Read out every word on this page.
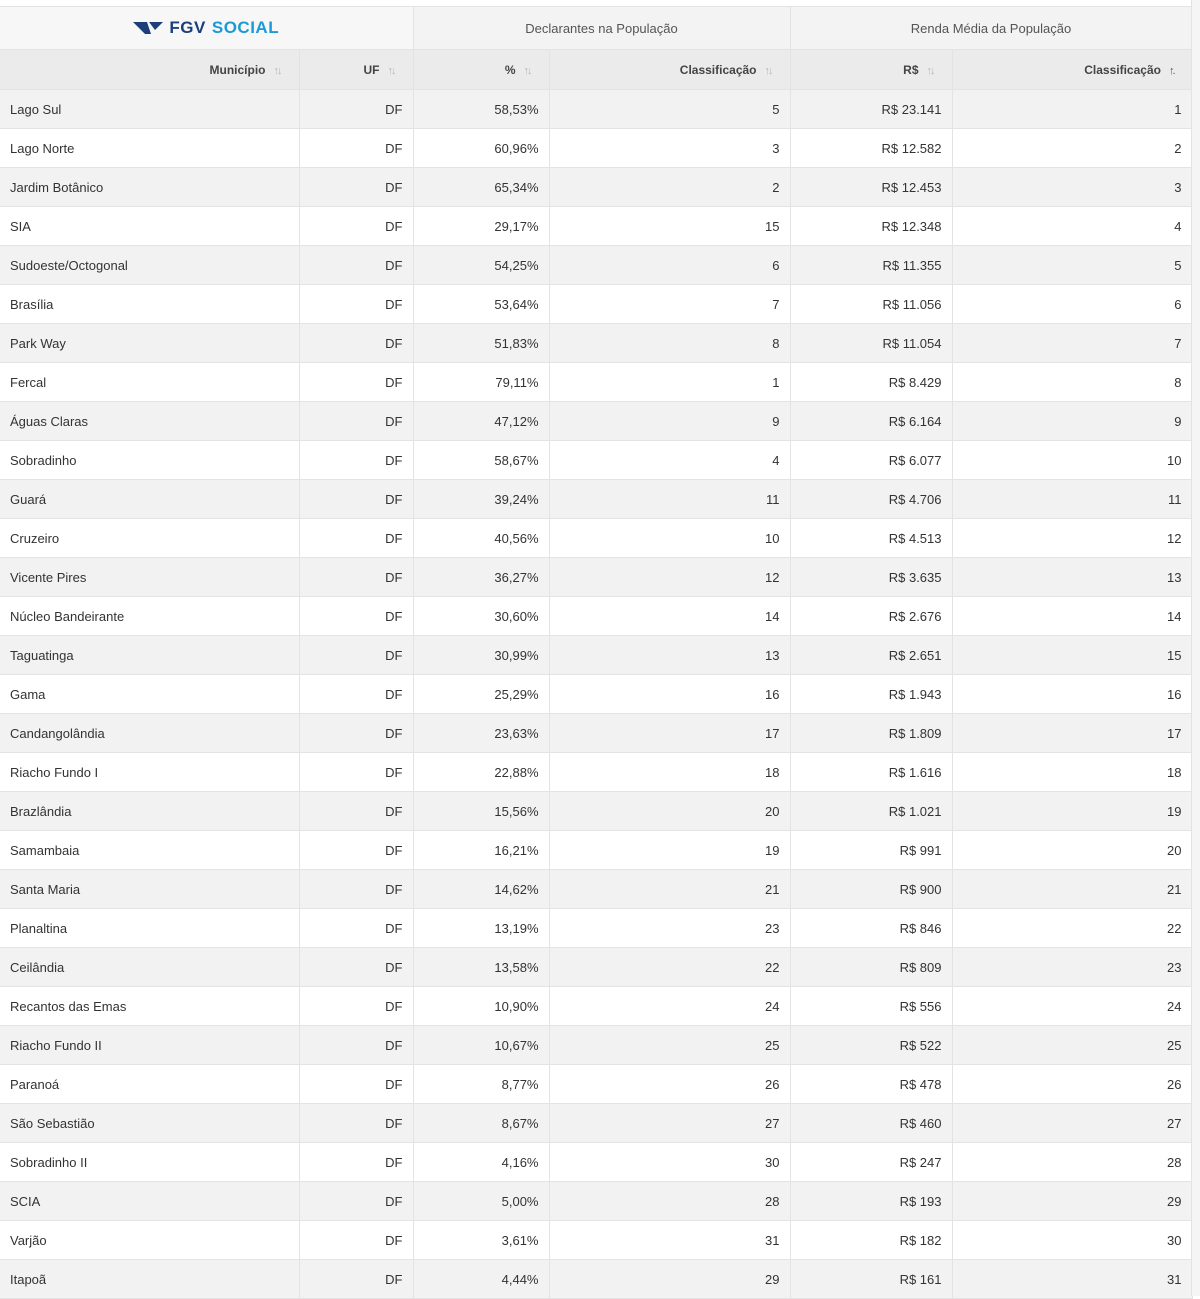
FGV SOCIAL		Declarantes na População		Renda Média da População	
Município ↑↓	UF ↑↓	% ↑↓	Classificação ↑↓	R$ ↑↓	Classificação ↑.
Lago Sul	DF	58,53%	5	R$ 23.141	1
Lago Norte	DF	60,96%	3	R$ 12.582	2
Jardim Botânico	DF	65,34%	2	R$ 12.453	3
SIA	DF	29,17%	15	R$ 12.348	4
Sudoeste/Octogonal	DF	54,25%	6	R$ 11.355	5
Brasília	DF	53,64%	7	R$ 11.056	6
Park Way	DF	51,83%	8	R$ 11.054	7
Fercal	DF	79,11%	1	R$ 8.429	8
Águas Claras	DF	47,12%	9	R$ 6.164	9
Sobradinho	DF	58,67%	4	R$ 6.077	10
Guará	DF	39,24%	11	R$ 4.706	11
Cruzeiro	DF	40,56%	10	R$ 4.513	12
Vicente Pires	DF	36,27%	12	R$ 3.635	13
Núcleo Bandeirante	DF	30,60%	14	R$ 2.676	14
Taguatinga	DF	30,99%	13	R$ 2.651	15
Gama	DF	25,29%	16	R$ 1.943	16
Candangolândia	DF	23,63%	17	R$ 1.809	17
Riacho Fundo I	DF	22,88%	18	R$ 1.616	18
Brazlândia	DF	15,56%	20	R$ 1.021	19
Samambaia	DF	16,21%	19	R$ 991	20
Santa Maria	DF	14,62%	21	R$ 900	21
Planaltina	DF	13,19%	23	R$ 846	22
Ceilândia	DF	13,58%	22	R$ 809	23
Recantos das Emas	DF	10,90%	24	R$ 556	24
Riacho Fundo II	DF	10,67%	25	R$ 522	25
Paranoá	DF	8,77%	26	R$ 478	26
São Sebastião	DF	8,67%	27	R$ 460	27
Sobradinho II	DF	4,16%	30	R$ 247	28
SCIA	DF	5,00%	28	R$ 193	29
Varjão	DF	3,61%	31	R$ 182	30
Itapoã	DF	4,44%	29	R$ 161	31
